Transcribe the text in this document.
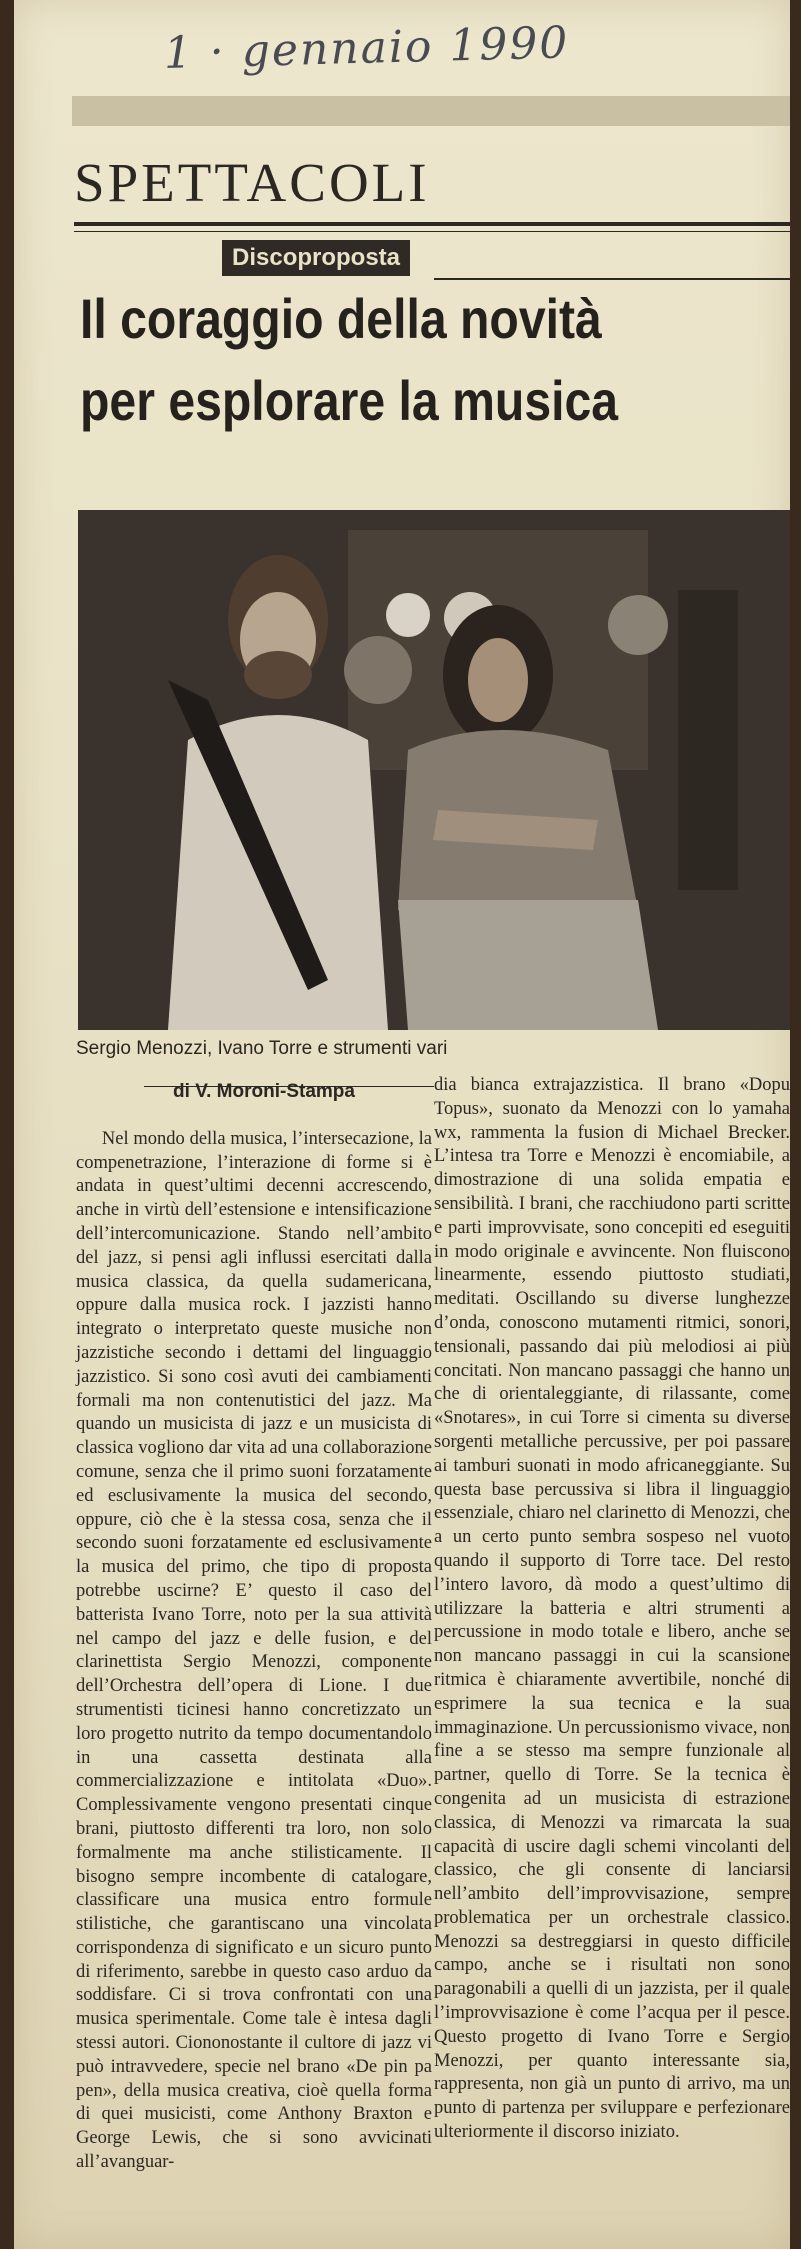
1 · gennaio 1990
SPETTACOLI
Discoproposta
Il coraggio della novità
per esplorare la musica
Sergio Menozzi, Ivano Torre e strumenti vari
di V. Moroni-Stampa

Nel mondo della musica, l’intersecazione, la compenetrazione, l’interazione di forme si è andata in quest’ultimi decenni accrescendo, anche in virtù dell’estensione e intensificazione dell’intercomunicazione. Stando nell’ambito del jazz, si pensi agli influssi esercitati dalla musica classica, da quella sudamericana, oppure dalla musica rock. I jazzisti hanno integrato o interpretato queste musiche non jazzistiche secondo i dettami del linguaggio jazzistico. Si sono così avuti dei cambiamenti formali ma non contenutistici del jazz. Ma quando un musicista di jazz e un musicista di classica vogliono dar vita ad una collaborazione comune, senza che il primo suoni forzatamente ed esclusivamente la musica del secondo, oppure, ciò che è la stessa cosa, senza che il secondo suoni forzatamente ed esclusivamente la musica del primo, che tipo di proposta potrebbe uscirne? E’ questo il caso del batterista Ivano Torre, noto per la sua attività nel campo del jazz e delle fusion, e del clarinettista Sergio Menozzi, componente dell’Orchestra dell’opera di Lione. I due strumentisti ticinesi hanno concretizzato un loro progetto nutrito da tempo documentandolo in una cassetta destinata alla commercializzazione e intitolata «Duo». Complessivamente vengono presentati cinque brani, piuttosto differenti tra loro, non solo formalmente ma anche stilisticamente. Il bisogno sempre incombente di catalogare, classificare una musica entro formule stilistiche, che garantiscano una vincolata corrispondenza di significato e un sicuro punto di riferimento, sarebbe in questo caso arduo da soddisfare. Ci si trova confrontati con una musica sperimentale. Come tale è intesa dagli stessi autori. Ciononostante il cultore di jazz vi può intravvedere, specie nel brano «De pin pa pen», della musica creativa, cioè quella forma di quei musicisti, come Anthony Braxton e George Lewis, che si sono avvicinati all’avanguar-

dia bianca extrajazzistica. Il brano «Dopu Topus», suonato da Menozzi con lo yamaha wx, rammenta la fusion di Michael Brecker. L’intesa tra Torre e Menozzi è encomiabile, a dimostrazione di una solida empatia e sensibilità. I brani, che racchiudono parti scritte e parti improvvisate, sono concepiti ed eseguiti in modo originale e avvincente. Non fluiscono linearmente, essendo piuttosto studiati, meditati. Oscillando su diverse lunghezze d’onda, conoscono mutamenti ritmici, sonori, tensionali, passando dai più melodiosi ai più concitati. Non mancano passaggi che hanno un che di orientaleggiante, di rilassante, come «Snotares», in cui Torre si cimenta su diverse sorgenti metalliche percussive, per poi passare ai tamburi suonati in modo africaneggiante. Su questa base percussiva si libra il linguaggio essenziale, chiaro nel clarinetto di Menozzi, che a un certo punto sembra sospeso nel vuoto quando il supporto di Torre tace. Del resto l’intero lavoro, dà modo a quest’ultimo di utilizzare la batteria e altri strumenti a percussione in modo totale e libero, anche se non mancano passaggi in cui la scansione ritmica è chiaramente avvertibile, nonché di esprimere la sua tecnica e la sua immaginazione. Un percussionismo vivace, non fine a se stesso ma sempre funzionale al partner, quello di Torre. Se la tecnica è congenita ad un musicista di estrazione classica, di Menozzi va rimarcata la sua capacità di uscire dagli schemi vincolanti del classico, che gli consente di lanciarsi nell’ambito dell’improvvisazione, sempre problematica per un orchestrale classico. Menozzi sa destreggiarsi in questo difficile campo, anche se i risultati non sono paragonabili a quelli di un jazzista, per il quale l’improvvisazione è come l’acqua per il pesce. Questo progetto di Ivano Torre e Sergio Menozzi, per quanto interessante sia, rappresenta, non già un punto di arrivo, ma un punto di partenza per sviluppare e perfezionare ulteriormente il discorso iniziato.
